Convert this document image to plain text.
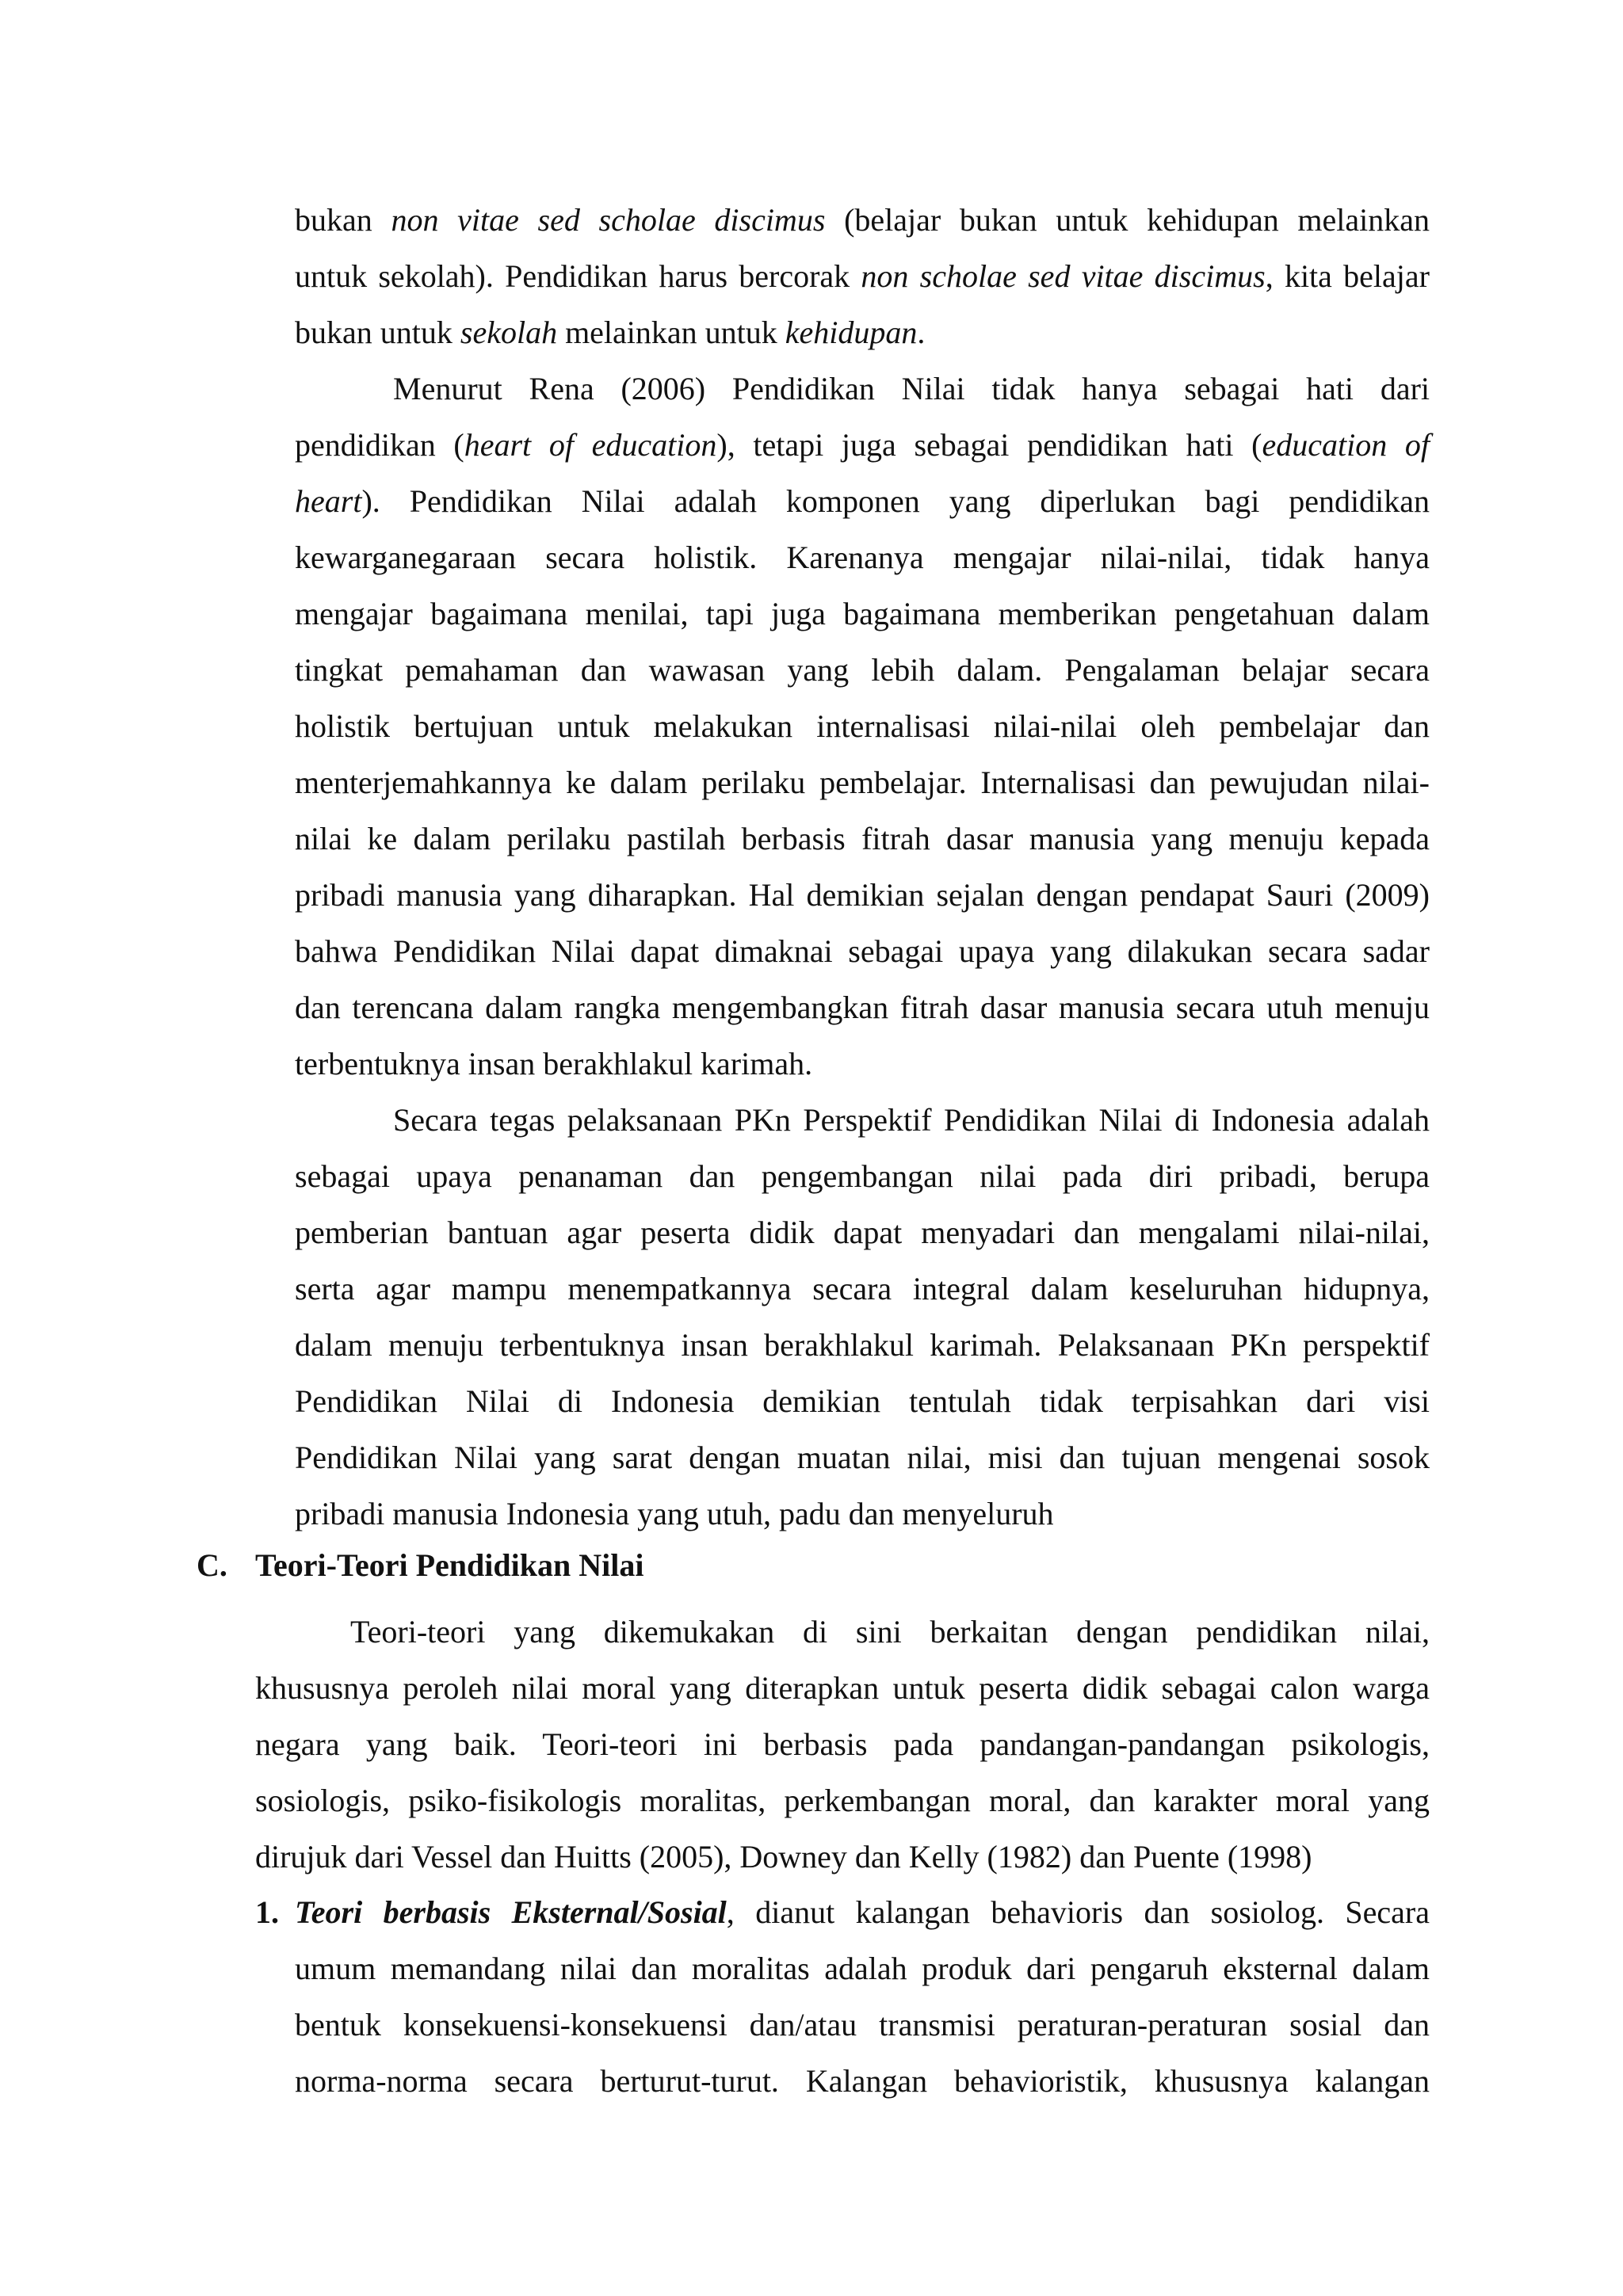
bukan non vitae sed scholae discimus (belajar bukan untuk kehidupan melainkan

untuk sekolah). Pendidikan harus bercorak non scholae sed vitae discimus, kita belajar

bukan untuk sekolah melainkan untuk kehidupan.

Menurut Rena (2006) Pendidikan Nilai tidak hanya sebagai hati dari

pendidikan (heart of education), tetapi juga sebagai pendidikan hati (education of

heart). Pendidikan Nilai adalah komponen yang diperlukan bagi pendidikan

kewarganegaraan secara holistik. Karenanya mengajar nilai-nilai, tidak hanya

mengajar bagaimana menilai, tapi juga bagaimana memberikan pengetahuan dalam

tingkat pemahaman dan wawasan yang lebih dalam. Pengalaman belajar secara

holistik bertujuan untuk melakukan internalisasi nilai-nilai oleh pembelajar dan

menterjemahkannya ke dalam perilaku pembelajar. Internalisasi dan pewujudan nilai-

nilai ke dalam perilaku pastilah berbasis fitrah dasar manusia yang menuju kepada

pribadi manusia yang diharapkan. Hal demikian sejalan dengan pendapat Sauri (2009)

bahwa Pendidikan Nilai dapat dimaknai sebagai upaya yang dilakukan secara sadar

dan terencana dalam rangka mengembangkan fitrah dasar manusia secara utuh menuju

terbentuknya insan berakhlakul karimah.

Secara tegas pelaksanaan PKn Perspektif Pendidikan Nilai di Indonesia adalah

sebagai upaya penanaman dan pengembangan nilai pada diri pribadi, berupa

pemberian bantuan agar peserta didik dapat menyadari dan mengalami nilai-nilai,

serta agar mampu menempatkannya secara integral dalam keseluruhan hidupnya,

dalam menuju terbentuknya insan berakhlakul karimah. Pelaksanaan PKn perspektif

Pendidikan Nilai di Indonesia demikian tentulah tidak terpisahkan dari visi

Pendidikan Nilai yang sarat dengan muatan nilai, misi dan tujuan mengenai sosok

pribadi manusia Indonesia yang utuh, padu dan menyeluruh

C. Teori-Teori Pendidikan Nilai

Teori-teori yang dikemukakan di sini berkaitan dengan pendidikan nilai,

khususnya peroleh nilai moral yang diterapkan untuk peserta didik sebagai calon warga

negara yang baik. Teori-teori ini berbasis pada pandangan-pandangan psikologis,

sosiologis, psiko-fisikologis moralitas, perkembangan moral, dan karakter moral yang

dirujuk dari Vessel dan Huitts (2005), Downey dan Kelly (1982) dan Puente (1998)

1. Teori berbasis Eksternal/Sosial, dianut kalangan behavioris dan sosiolog. Secara

umum memandang nilai dan moralitas adalah produk dari pengaruh eksternal dalam

bentuk konsekuensi-konsekuensi dan/atau transmisi peraturan-peraturan sosial dan

norma-norma secara berturut-turut. Kalangan behavioristik, khususnya kalangan
